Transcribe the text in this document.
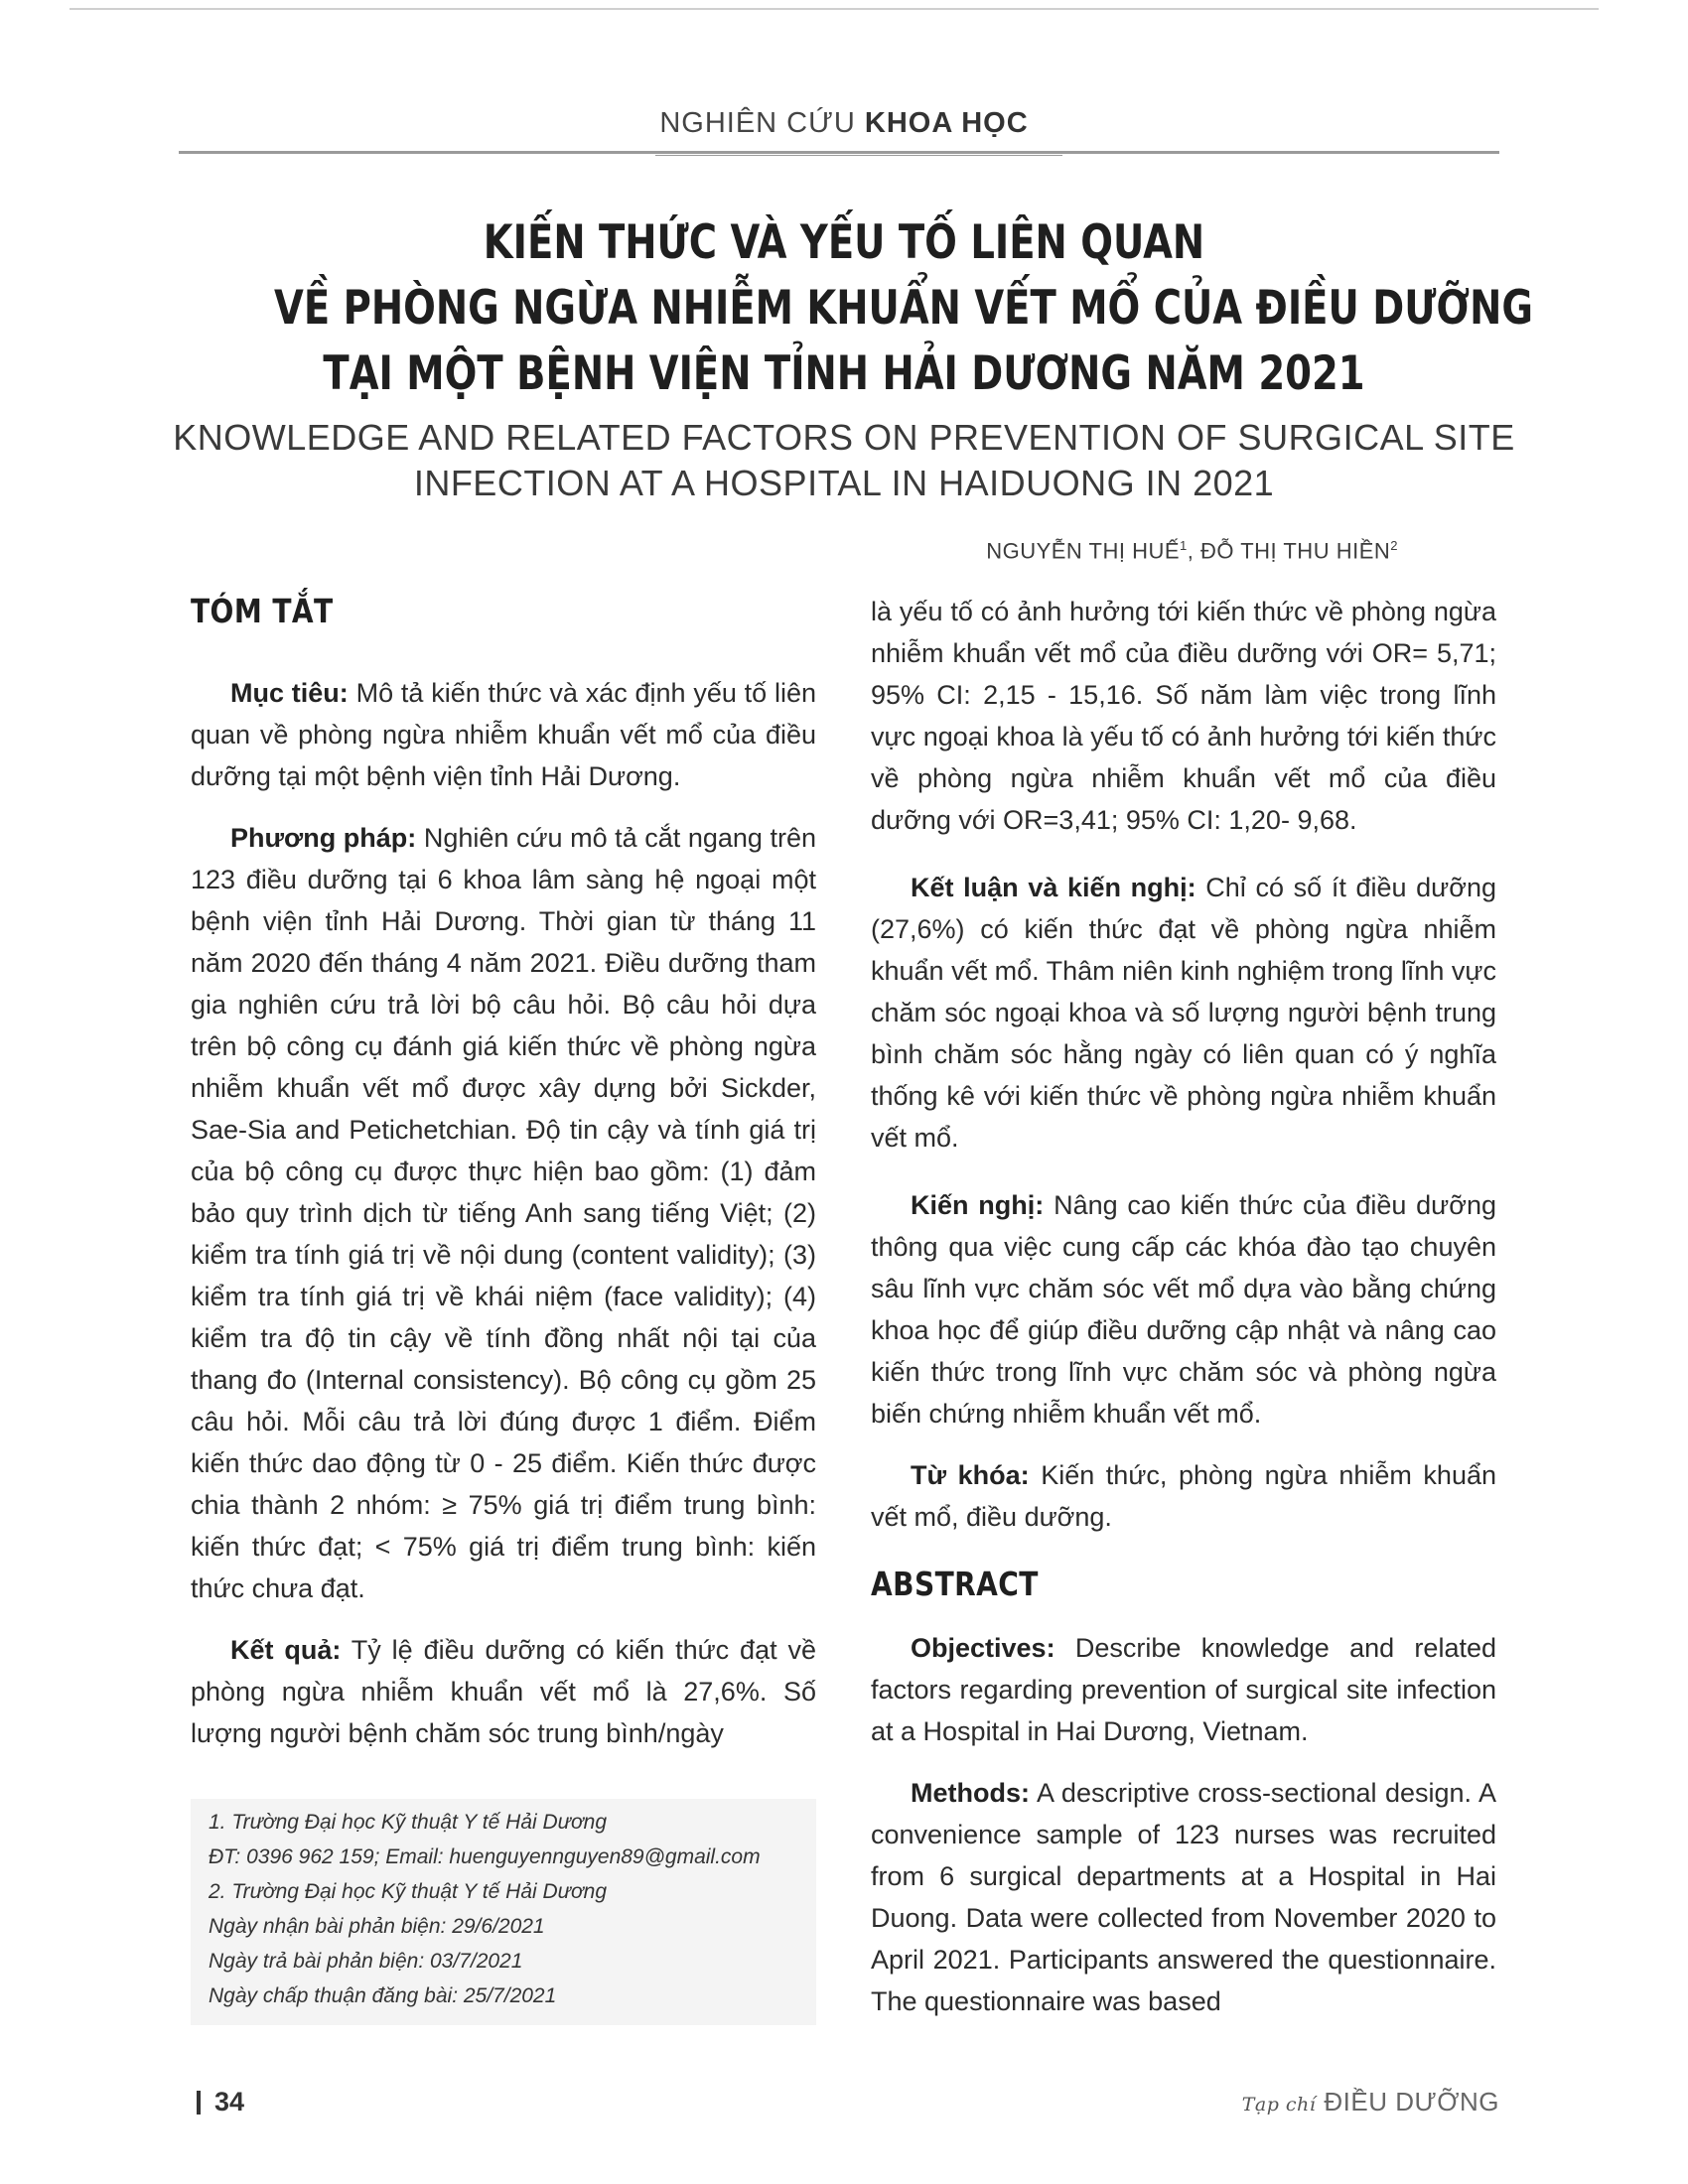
NGHIÊN CỨU KHOA HỌC
KIẾN THỨC VÀ YẾU TỐ LIÊN QUAN
VỀ PHÒNG NGỪA NHIỄM KHUẨN VẾT MỔ CỦA ĐIỀU DƯỠNG
TẠI MỘT BỆNH VIỆN TỈNH HẢI DƯƠNG NĂM 2021
KNOWLEDGE AND RELATED FACTORS ON PREVENTION OF SURGICAL SITE
INFECTION AT A HOSPITAL IN HAIDUONG IN 2021
NGUYỄN THỊ HUẾ$^1$, ĐỖ THỊ THU HIỀN$^2$
TÓM TẮT

Mục tiêu: Mô tả kiến thức và xác định yếu tố liên quan về phòng ngừa nhiễm khuẩn vết mổ của điều dưỡng tại một bệnh viện tỉnh Hải Dương.

Phương pháp: Nghiên cứu mô tả cắt ngang trên 123 điều dưỡng tại 6 khoa lâm sàng hệ ngoại một bệnh viện tỉnh Hải Dương. Thời gian từ tháng 11 năm 2020 đến tháng 4 năm 2021. Điều dưỡng tham gia nghiên cứu trả lời bộ câu hỏi. Bộ câu hỏi dựa trên bộ công cụ đánh giá kiến thức về phòng ngừa nhiễm khuẩn vết mổ được xây dựng bởi Sickder, Sae-Sia and Petichetchian. Độ tin cậy và tính giá trị của bộ công cụ được thực hiện bao gồm: (1) đảm bảo quy trình dịch từ tiếng Anh sang tiếng Việt; (2) kiểm tra tính giá trị về nội dung (content validity); (3) kiểm tra tính giá trị về khái niệm (face validity); (4) kiểm tra độ tin cậy về tính đồng nhất nội tại của thang đo (Internal consistency). Bộ công cụ gồm 25 câu hỏi. Mỗi câu trả lời đúng được 1 điểm. Điểm kiến thức dao động từ 0 - 25 điểm. Kiến thức được chia thành 2 nhóm: ≥ 75% giá trị điểm trung bình: kiến thức đạt; < 75% giá trị điểm trung bình: kiến thức chưa đạt.

Kết quả: Tỷ lệ điều dưỡng có kiến thức đạt về phòng ngừa nhiễm khuẩn vết mổ là 27,6%. Số lượng người bệnh chăm sóc trung bình/ngày

1. Trường Đại học Kỹ thuật Y tế Hải Dương
ĐT: 0396 962 159; Email: huenguyennguyen89@gmail.com
2. Trường Đại học Kỹ thuật Y tế Hải Dương
Ngày nhận bài phản biện: 29/6/2021
Ngày trả bài phản biện: 03/7/2021
Ngày chấp thuận đăng bài: 25/7/2021

là yếu tố có ảnh hưởng tới kiến thức về phòng ngừa nhiễm khuẩn vết mổ của điều dưỡng với OR= 5,71; 95% CI: 2,15 - 15,16. Số năm làm việc trong lĩnh vực ngoại khoa là yếu tố có ảnh hưởng tới kiến thức về phòng ngừa nhiễm khuẩn vết mổ của điều dưỡng với OR=3,41; 95% CI: 1,20- 9,68.

Kết luận và kiến nghị: Chỉ có số ít điều dưỡng (27,6%) có kiến thức đạt về phòng ngừa nhiễm khuẩn vết mổ. Thâm niên kinh nghiệm trong lĩnh vực chăm sóc ngoại khoa và số lượng người bệnh trung bình chăm sóc hằng ngày có liên quan có ý nghĩa thống kê với kiến thức về phòng ngừa nhiễm khuẩn vết mổ.

Kiến nghị: Nâng cao kiến thức của điều dưỡng thông qua việc cung cấp các khóa đào tạo chuyên sâu lĩnh vực chăm sóc vết mổ dựa vào bằng chứng khoa học để giúp điều dưỡng cập nhật và nâng cao kiến thức trong lĩnh vực chăm sóc và phòng ngừa biến chứng nhiễm khuẩn vết mổ.

Từ khóa: Kiến thức, phòng ngừa nhiễm khuẩn vết mổ, điều dưỡng.

ABSTRACT

Objectives: Describe knowledge and related factors regarding prevention of surgical site infection at a Hospital in Hai Dương, Vietnam.

Methods: A descriptive cross-sectional design. A convenience sample of 123 nurses was recruited from 6 surgical departments at a Hospital in Hai Duong. Data were collected from November 2020 to April 2021. Participants answered the questionnaire. The questionnaire was based

34	Tạp chí ĐIỀU DƯỠNG
